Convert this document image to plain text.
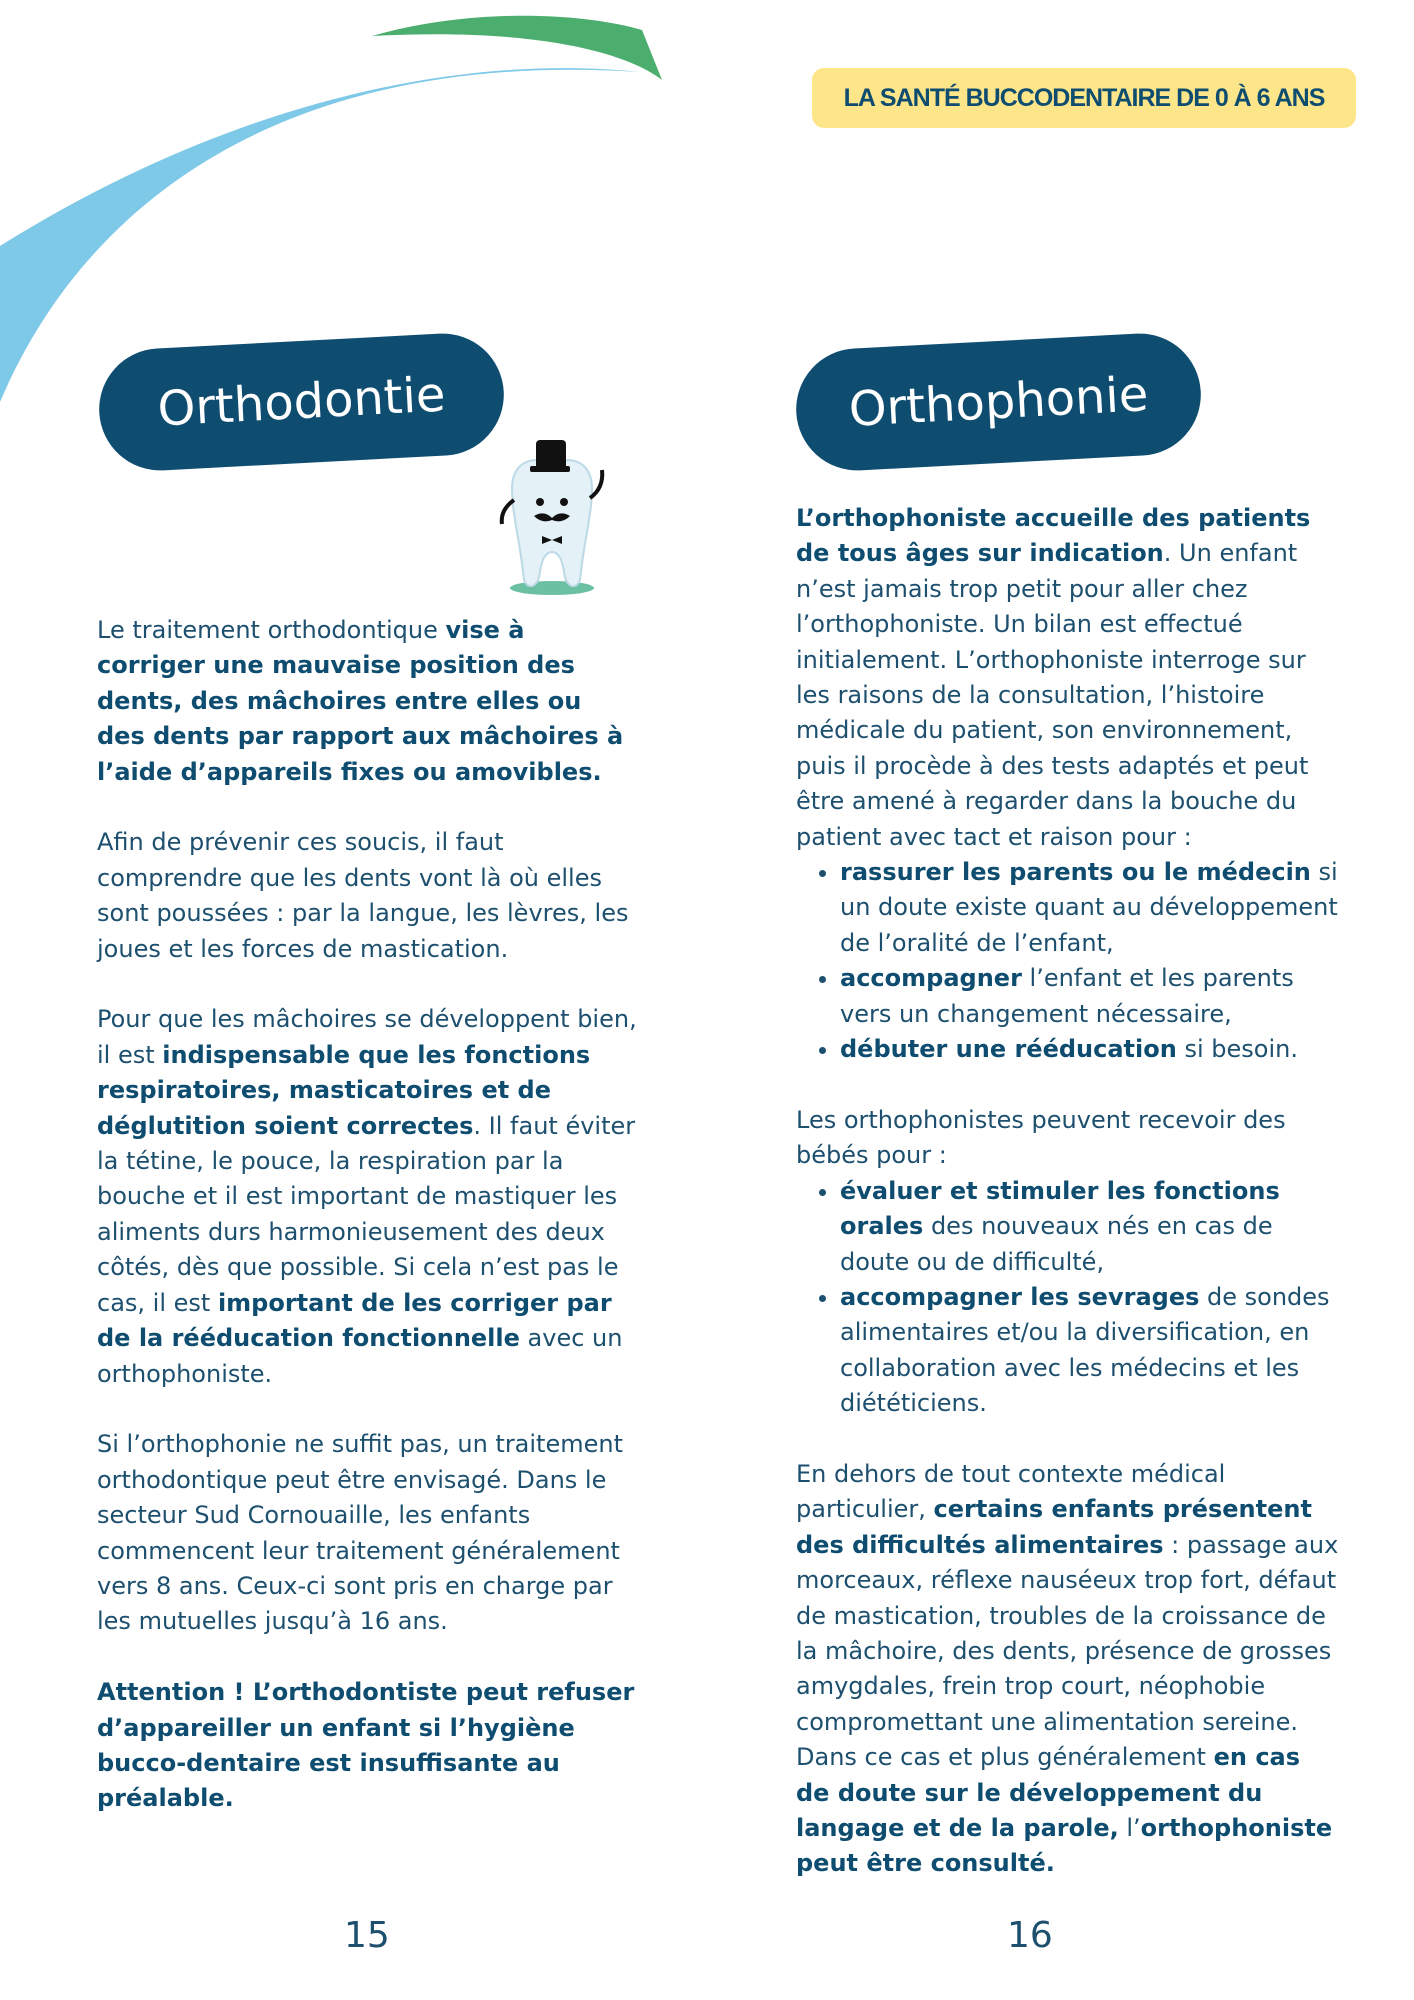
LA SANTÉ BUCCODENTAIRE DE 0 À 6 ANS
Orthodontie

Le traitement orthodontique vise à corriger une mauvaise position des dents, des mâchoires entre elles ou des dents par rapport aux mâchoires à l’aide d’appareils fixes ou amovibles.

Afin de prévenir ces soucis, il faut comprendre que les dents vont là où elles sont poussées : par la langue, les lèvres, les joues et les forces de mastication.

Pour que les mâchoires se développent bien, il est indispensable que les fonctions respiratoires, masticatoires et de déglutition soient correctes. Il faut éviter la tétine, le pouce, la respiration par la bouche et il est important de mastiquer les aliments durs harmonieusement des deux côtés, dès que possible. Si cela n’est pas le cas, il est important de les corriger par de la rééducation fonctionnelle avec un orthophoniste.

Si l’orthophonie ne suffit pas, un traitement orthodontique peut être envisagé. Dans le secteur Sud Cornouaille, les enfants commencent leur traitement généralement vers 8 ans. Ceux-ci sont pris en charge par les mutuelles jusqu’à 16 ans.

Attention ! L’orthodontiste peut refuser d’appareiller un enfant si l’hygiène bucco-dentaire est insuffisante au préalable.

Orthophonie

L’orthophoniste accueille des patients de tous âges sur indication. Un enfant n’est jamais trop petit pour aller chez l’orthophoniste. Un bilan est effectué initialement. L’orthophoniste interroge sur les raisons de la consultation, l’histoire médicale du patient, son environnement, puis il procède à des tests adaptés et peut être amené à regarder dans la bouche du patient avec tact et raison pour :

• rassurer les parents ou le médecin si un doute existe quant au développement de l’oralité de l’enfant,
• accompagner l’enfant et les parents vers un changement nécessaire,
• débuter une rééducation si besoin.

Les orthophonistes peuvent recevoir des bébés pour :

• évaluer et stimuler les fonctions orales des nouveaux nés en cas de doute ou de difficulté,
• accompagner les sevrages de sondes alimentaires et/ou la diversification, en collaboration avec les médecins et les diététiciens.

En dehors de tout contexte médical particulier, certains enfants présentent des difficultés alimentaires : passage aux morceaux, réflexe nauséeux trop fort, défaut de mastication, troubles de la croissance de la mâchoire, des dents, présence de grosses amygdales, frein trop court, néophobie compromettant une alimentation sereine. Dans ce cas et plus généralement en cas de doute sur le développement du langage et de la parole, l’orthophoniste peut être consulté.

15	16
